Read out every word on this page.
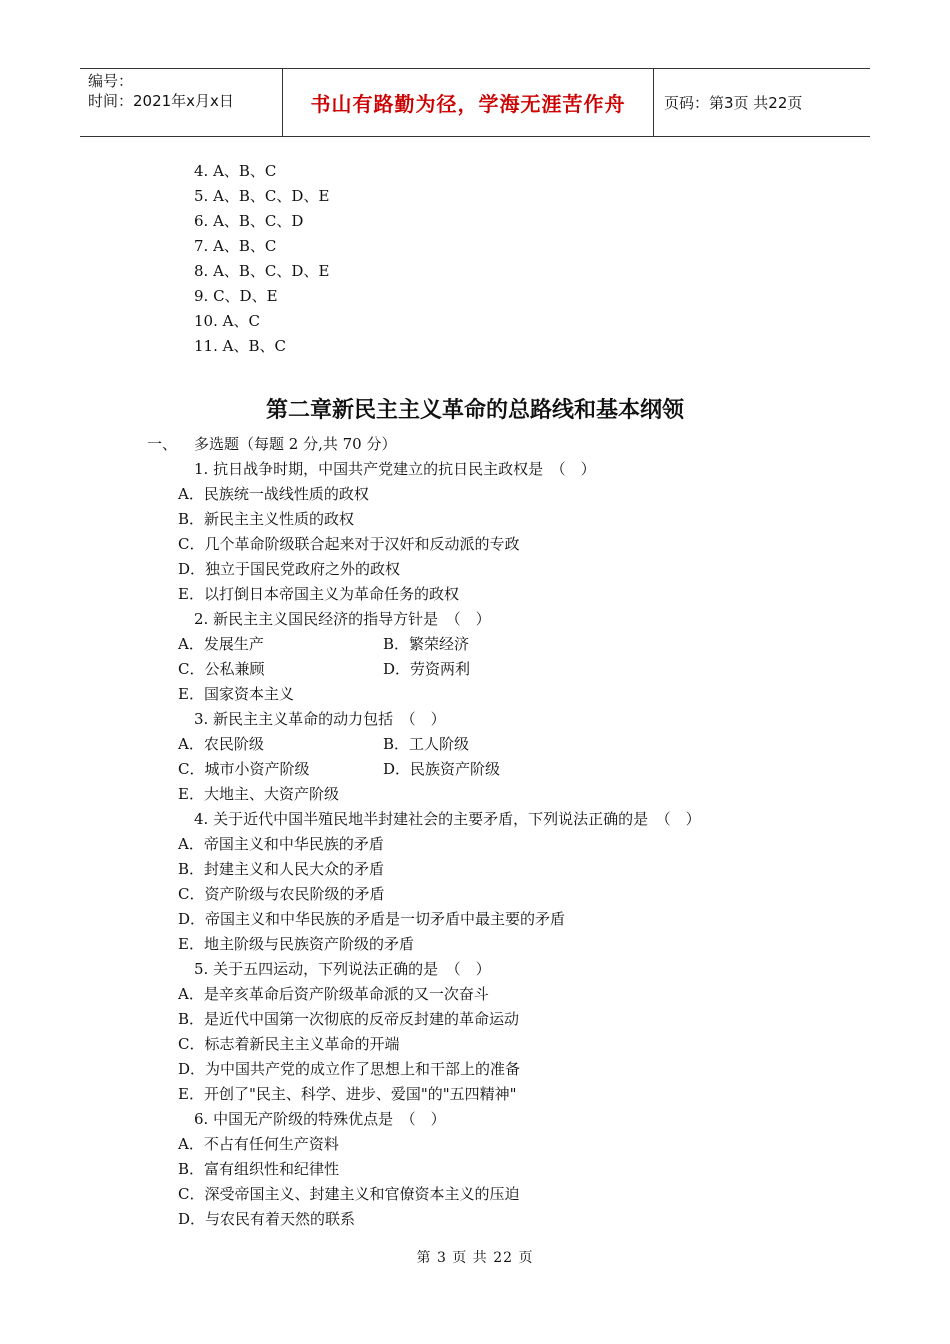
编号：
时间：2021年x月x日	书山有路勤为径，学海无涯苦作舟	页码：第3页 共22页
4. A、B、C
5. A、B、C、D、E
6. A、B、C、D
7. A、B、C
8. A、B、C、D、E
9. C、D、E
10. A、C
11. A、B、C
第二章新民主主义革命的总路线和基本纲领
一、 多选题（每题 2 分,共 70 分）
1. 抗日战争时期，中国共产党建立的抗日民主政权是　（　）
A．民族统一战线性质的政权
B．新民主主义性质的政权
C．几个革命阶级联合起来对于汉奸和反动派的专政
D．独立于国民党政府之外的政权
E．以打倒日本帝国主义为革命任务的政权
2. 新民主主义国民经济的指导方针是　（　）
A．发展生产	B．繁荣经济
C．公私兼顾	D．劳资两利
E．国家资本主义
3. 新民主主义革命的动力包括　（　）
A．农民阶级	B．工人阶级
C．城市小资产阶级	D．民族资产阶级
E．大地主、大资产阶级
4. 关于近代中国半殖民地半封建社会的主要矛盾，下列说法正确的是　（　）
A．帝国主义和中华民族的矛盾
B．封建主义和人民大众的矛盾
C．资产阶级与农民阶级的矛盾
D．帝国主义和中华民族的矛盾是一切矛盾中最主要的矛盾
E．地主阶级与民族资产阶级的矛盾
5. 关于五四运动，下列说法正确的是　（　）
A．是辛亥革命后资产阶级革命派的又一次奋斗
B．是近代中国第一次彻底的反帝反封建的革命运动
C．标志着新民主主义革命的开端
D．为中国共产党的成立作了思想上和干部上的准备
E．开创了"民主、科学、进步、爱国"的"五四精神"
6. 中国无产阶级的特殊优点是　（　）
A．不占有任何生产资料
B．富有组织性和纪律性
C．深受帝国主义、封建主义和官僚资本主义的压迫
D．与农民有着天然的联系
第 3 页 共 22 页
